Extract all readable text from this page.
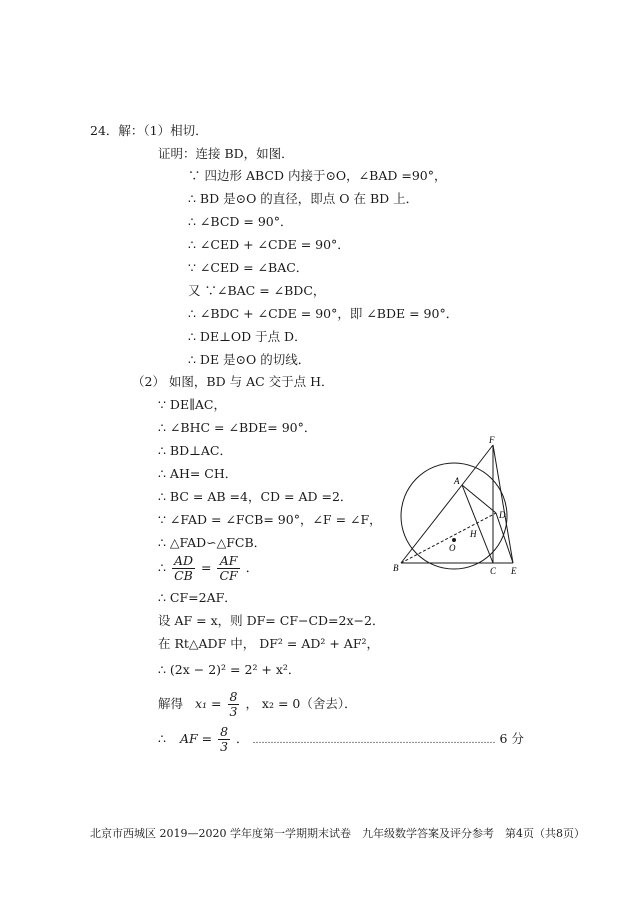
24．解：（1）相切．
证明：连接 BD，如图．
∵ 四边形 ABCD 内接于⊙O，∠BAD =90°，
∴ BD 是⊙O 的直径，即点 O 在 BD 上．
∴ ∠BCD = 90°．
∴ ∠CED + ∠CDE = 90°．
∵ ∠CED = ∠BAC．
又 ∵∠BAC = ∠BDC，
∴ ∠BDC + ∠CDE = 90°，即 ∠BDE = 90°．
∴ DE⊥OD 于点 D．
∴ DE 是⊙O 的切线．
（2） 如图，BD 与 AC 交于点 H．
∵ DE∥AC，
∴ ∠BHC = ∠BDE= 90°．
∴ BD⊥AC．
∴ AH= CH．
∴ BC = AB =4，CD = AD =2．
∵ ∠FAD = ∠FCB= 90°，∠F = ∠F，
∴ △FAD∽△FCB．
∴ $\frac{AD}{CB} = \frac{AF}{CF}$ ．
∴ CF=2AF．
设 AF = x，则 DF= CF−CD=2x−2．
在 Rt△ADF 中， DF² = AD² + AF²，
∴ (2x − 2)² = 2² + x²．
解得 $x_1 = \frac{8}{3}$ ， x₂ = 0（舍去）．
∴ AF = $\frac{8}{3}$ ． ……………………………………………………………………… 6 分
F
A
D
H
O
B	C E
北京市西城区 2019—2020 学年度第一学期期末试卷　九年级数学答案及评分参考　第4页（共8页）
